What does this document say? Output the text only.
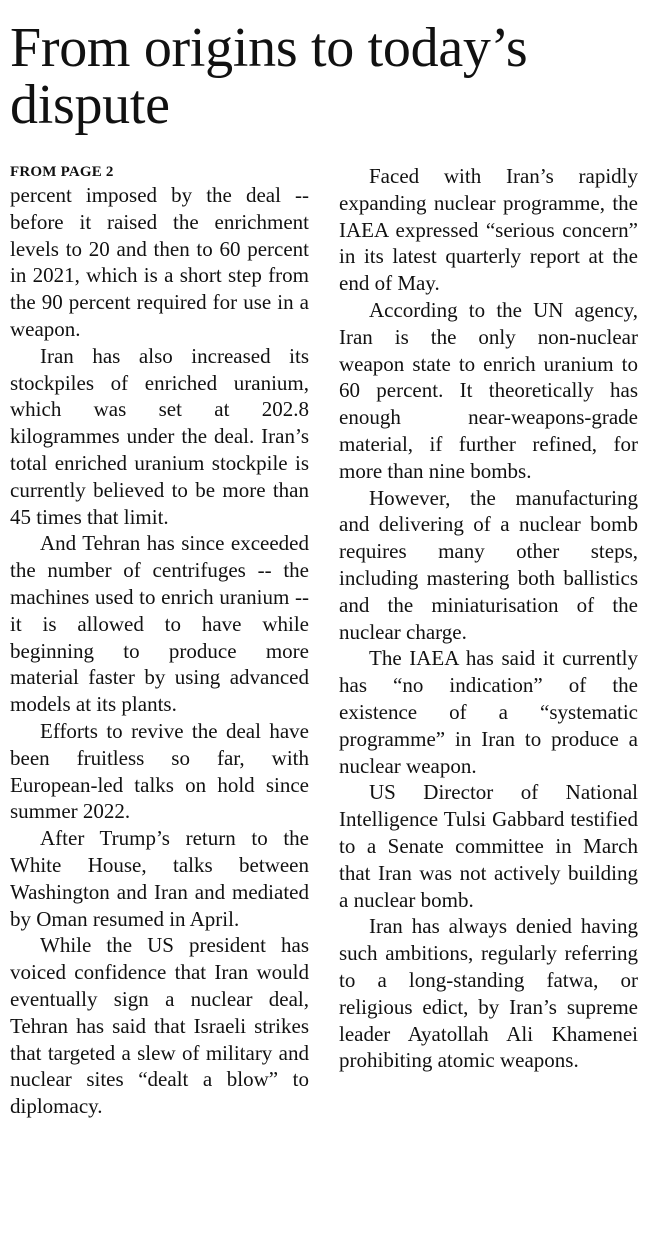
From origins to today’s dispute

FROM PAGE 2

percent imposed by the deal -- before it raised the enrichment levels to 20 and then to 60 percent in 2021, which is a short step from the 90 percent required for use in a weapon.

Iran has also increased its stockpiles of enriched uranium, which was set at 202.8 kilogrammes under the deal. Iran’s total enriched uranium stockpile is currently believed to be more than 45 times that limit.

And Tehran has since exceeded the number of centrifuges -- the machines used to enrich uranium -- it is allowed to have while beginning to produce more material faster by using advanced models at its plants.

Efforts to revive the deal have been fruitless so far, with European-led talks on hold since summer 2022.

After Trump’s return to the White House, talks between Washington and Iran and mediated by Oman resumed in April.

While the US president has voiced confidence that Iran would eventually sign a nuclear deal, Tehran has said that Israeli strikes that targeted a slew of military and nuclear sites “dealt a blow” to diplomacy.

Faced with Iran’s rapidly expanding nuclear programme, the IAEA expressed “serious concern” in its latest quarterly report at the end of May.

According to the UN agency, Iran is the only non-nuclear weapon state to enrich uranium to 60 percent. It theoretically has enough near-weapons-grade material, if further refined, for more than nine bombs.

However, the manufacturing and delivering of a nuclear bomb requires many other steps, including mastering both ballistics and the miniaturisation of the nuclear charge.

The IAEA has said it currently has “no indication” of the existence of a “systematic programme” in Iran to produce a nuclear weapon.

US Director of National Intelligence Tulsi Gabbard testified to a Senate committee in March that Iran was not actively building a nuclear bomb.

Iran has always denied having such ambitions, regularly referring to a long-standing fatwa, or religious edict, by Iran’s supreme leader Ayatollah Ali Khamenei prohibiting atomic weapons.
